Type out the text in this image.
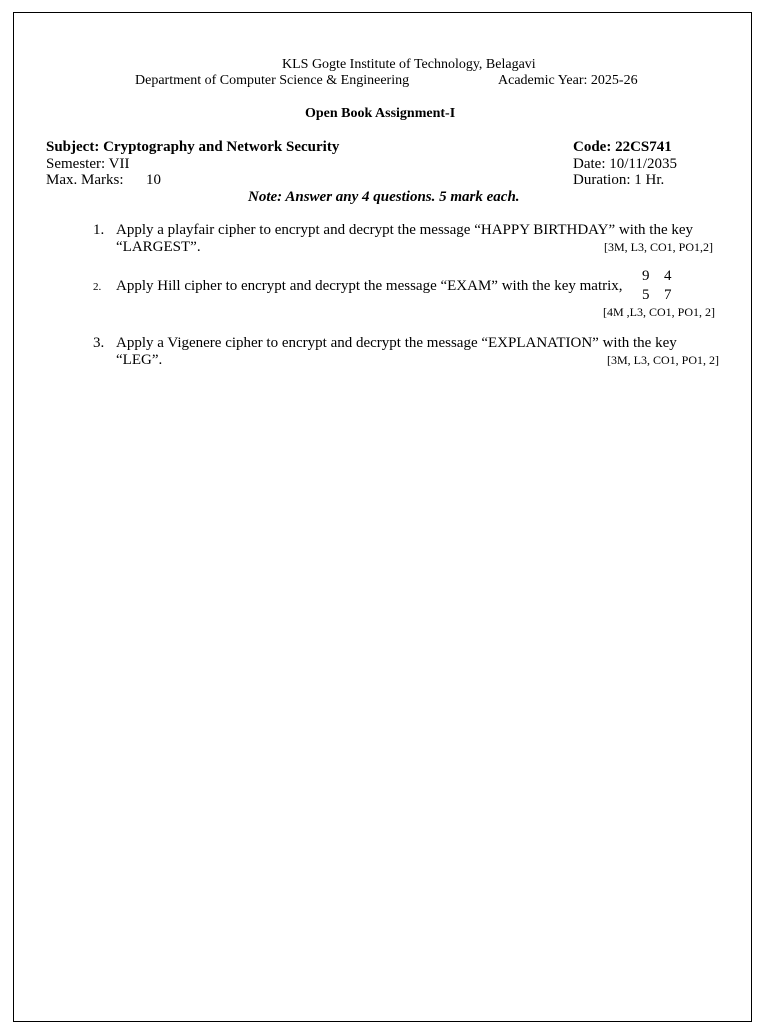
KLS Gogte Institute of Technology, Belagavi
Department of Computer Science & Engineering	Academic Year: 2025-26
Open Book Assignment-I
Subject: Cryptography and Network Security	Code: 22CS741
Semester: VII	Date: 10/11/2035
Max. Marks: 10	Duration: 1 Hr.
Note: Answer any 4 questions. 5 mark each.
1. Apply a playfair cipher to encrypt and decrypt the message “HAPPY BIRTHDAY” with the key
“LARGEST”.	[3M, L3, CO1, PO1,2]
2. Apply Hill cipher to encrypt and decrypt the message “EXAM” with the key matrix,
9 4
5 7
[4M ,L3, CO1, PO1, 2]
3. Apply a Vigenere cipher to encrypt and decrypt the message “EXPLANATION” with the key
“LEG”.	[3M, L3, CO1, PO1, 2]
